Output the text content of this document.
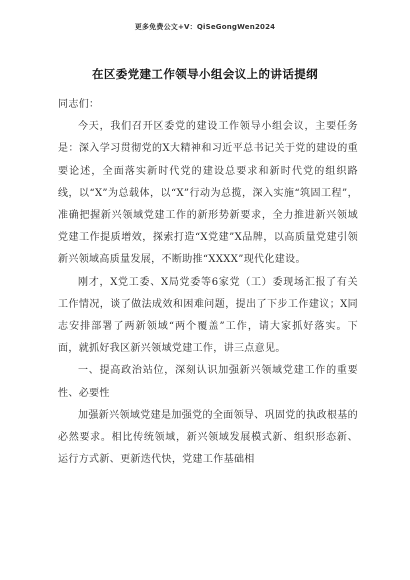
更多免费公文+V：QiSeGongWen2024
在区委党建工作领导小组会议上的讲话提纲

同志们：

今天，我们召开区委党的建设工作领导小组会议，主要任务是：深入学习贯彻党的X大精神和习近平总书记关于党的建设的重要论述，全面落实新时代党的建设总要求和新时代党的组织路线，以“X”为总载体，以“X”行动为总揽，深入实施“筑固工程”，准确把握新兴领域党建工作的新形势新要求，全力推进新兴领域党建工作提质增效，探索打造“X党建”X品牌，以高质量党建引领新兴领域高质量发展，不断助推“XXXX”现代化建设。

刚才，X党工委、X局党委等6家党（工）委现场汇报了有关工作情况，谈了做法成效和困难问题，提出了下步工作建议；X同志安排部署了两新领域“两个覆盖”工作，请大家抓好落实。下面，就抓好我区新兴领域党建工作，讲三点意见。

一、提高政治站位，深刻认识加强新兴领域党建工作的重要性、必要性

加强新兴领域党建是加强党的全面领导、巩固党的执政根基的必然要求。相比传统领域，新兴领域发展模式新、组织形态新、运行方式新、更新迭代快，党建工作基础相
